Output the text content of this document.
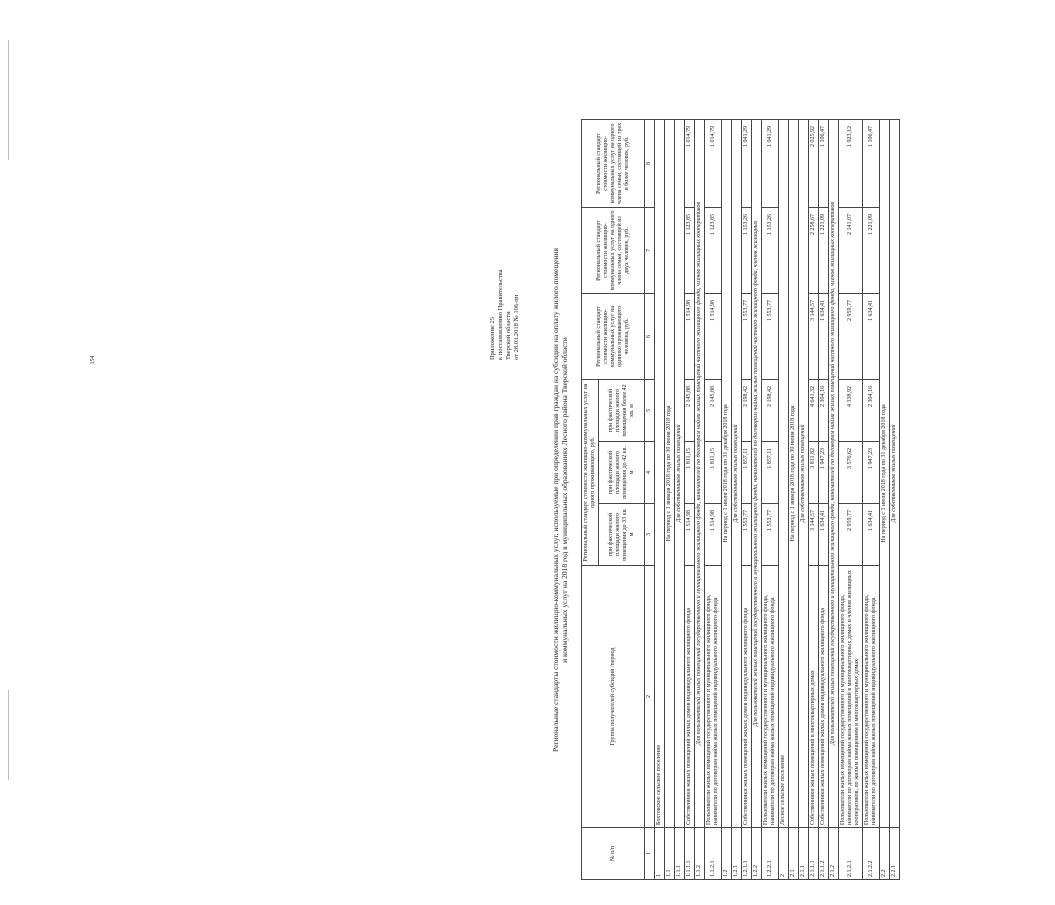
154	Приложение 25 к постановлению Правительства Тверской области от 28.03.2018 № 106-пп	Региональные стандарты стоимости жилищно-коммунальных услуг, используемые при определении прав граждан на субсидии на оплату жилого помещения и коммунальных услуг на 2018 год в муниципальных образованиях Лесного района Тверской области
№ п/п	Группа получателей субсидий /период	Региональный стандарт стоимости жилищно-коммунальных услуг на одного проживающего, руб.			Региональный стандарт стоимости жилищно-коммунальных услуг на одиноко проживающего человека, руб.	Региональный стандарт стоимости жилищно-коммунальных услуг на одного члена семьи, состоящей из двух человек, руб.	Региональный стандарт стоимости жилищно-коммунальных услуг на одного члена семьи, состоящей из трех и более человек, руб.
		при фактической площади жилого помещения до 33 кв. м	при фактической площади жилого помещения до 42 кв. м	при фактической площади жилого помещения более 42 кв. м			
1	2	3	4	5	6	7	8
1	Бохтовское сельское поселение						
1.1	На период с 1 января 2018 года по 30 июня 2018 года						
1.1.1	Для собственников жилых помещений						
1.1.1.1	Собственники жилых помещений жилых домов индивидуального жилищного фонда	1 514,98	1 811,15	2 145,88	1 514,98	1 123,85	1 014,79
1.1.2	Для пользователей жилых помещений государственного и муниципального жилищного фонда, нанимателей по договорам найма жилых помещений частного жилищного фонда, членов жилищных кооперативов						
1.1.2.1	Пользователи жилых помещений государственного и муниципального жилищного фонда, наниматели по договорам найма жилых помещений индивидуального жилищного фонда	1 514,98	1 811,15	2 145,88	1 514,98	1 123,85	1 014,79
1.2	На период с 1 июля 2018 года по 31 декабря 2018 года						
1.2.1	Для собственников жилых помещений						
1.2.1.1	Собственники жилых помещений жилых домов индивидуального жилищного фонда	1 553,77	1 857,11	2 198,42	1 553,77	1 153,26	1 041,29
1.2.2	Для пользователей жилых помещений государственного и муниципального жилищного фонда, нанимателей по договорам найма жилых помещений частного жилищного фонда, членов жилищных						
1.2.2.1	Пользователи жилых помещений государственного и муниципального жилищного фонда, наниматели по договорам найма жилых помещений индивидуального жилищного фонда	1 553,77	1 857,11	2 198,42	1 553,77	1 153,26	1 041,29
2	Лесное сельское поселение						
2.1	На период с 1 января 2018 года по 30 июня 2018 года						
2.1.1	Для собственников жилых помещений						
2.1.1.1	Собственники жилых помещений в многоквартирных домах	3 144,57	3 811,82	4 641,32	3 144,57	2 258,67	2 025,92
2.1.1.2	Собственники жилых помещений жилых домов индивидуального жилищного фонда	1 634,41	1 947,23	2 304,16	1 634,41	1 221,09	1 106,47
2.1.2	Для пользователей жилых помещений государственного и муниципального жилищного фонда, нанимателей по договорам найма жилых помещений частного жилищного фонда, членов жилищных кооперативов						
2.1.2.1	Пользователи жилых помещений государственного и муниципального жилищного фонда, наниматели по договорам найма жилых помещений в многоквартирных домах и членов жилищных кооперативов, по жилым помещениям в многоквартирных домах	2 959,77	3 576,62	4 338,92	2 959,77	2 141,07	1 923,12
2.1.2.2	Пользователи жилых помещений государственного и муниципального жилищного фонда, наниматели по договорам найма жилых помещений индивидуального жилищного фонда	1 634,41	1 947,23	2 304,16	1 634,41	1 221,09	1 106,47
2.2	На период с 1 июля 2018 года по 31 декабря 2018 года						
2.2.1	Для собственников жилых помещений						
